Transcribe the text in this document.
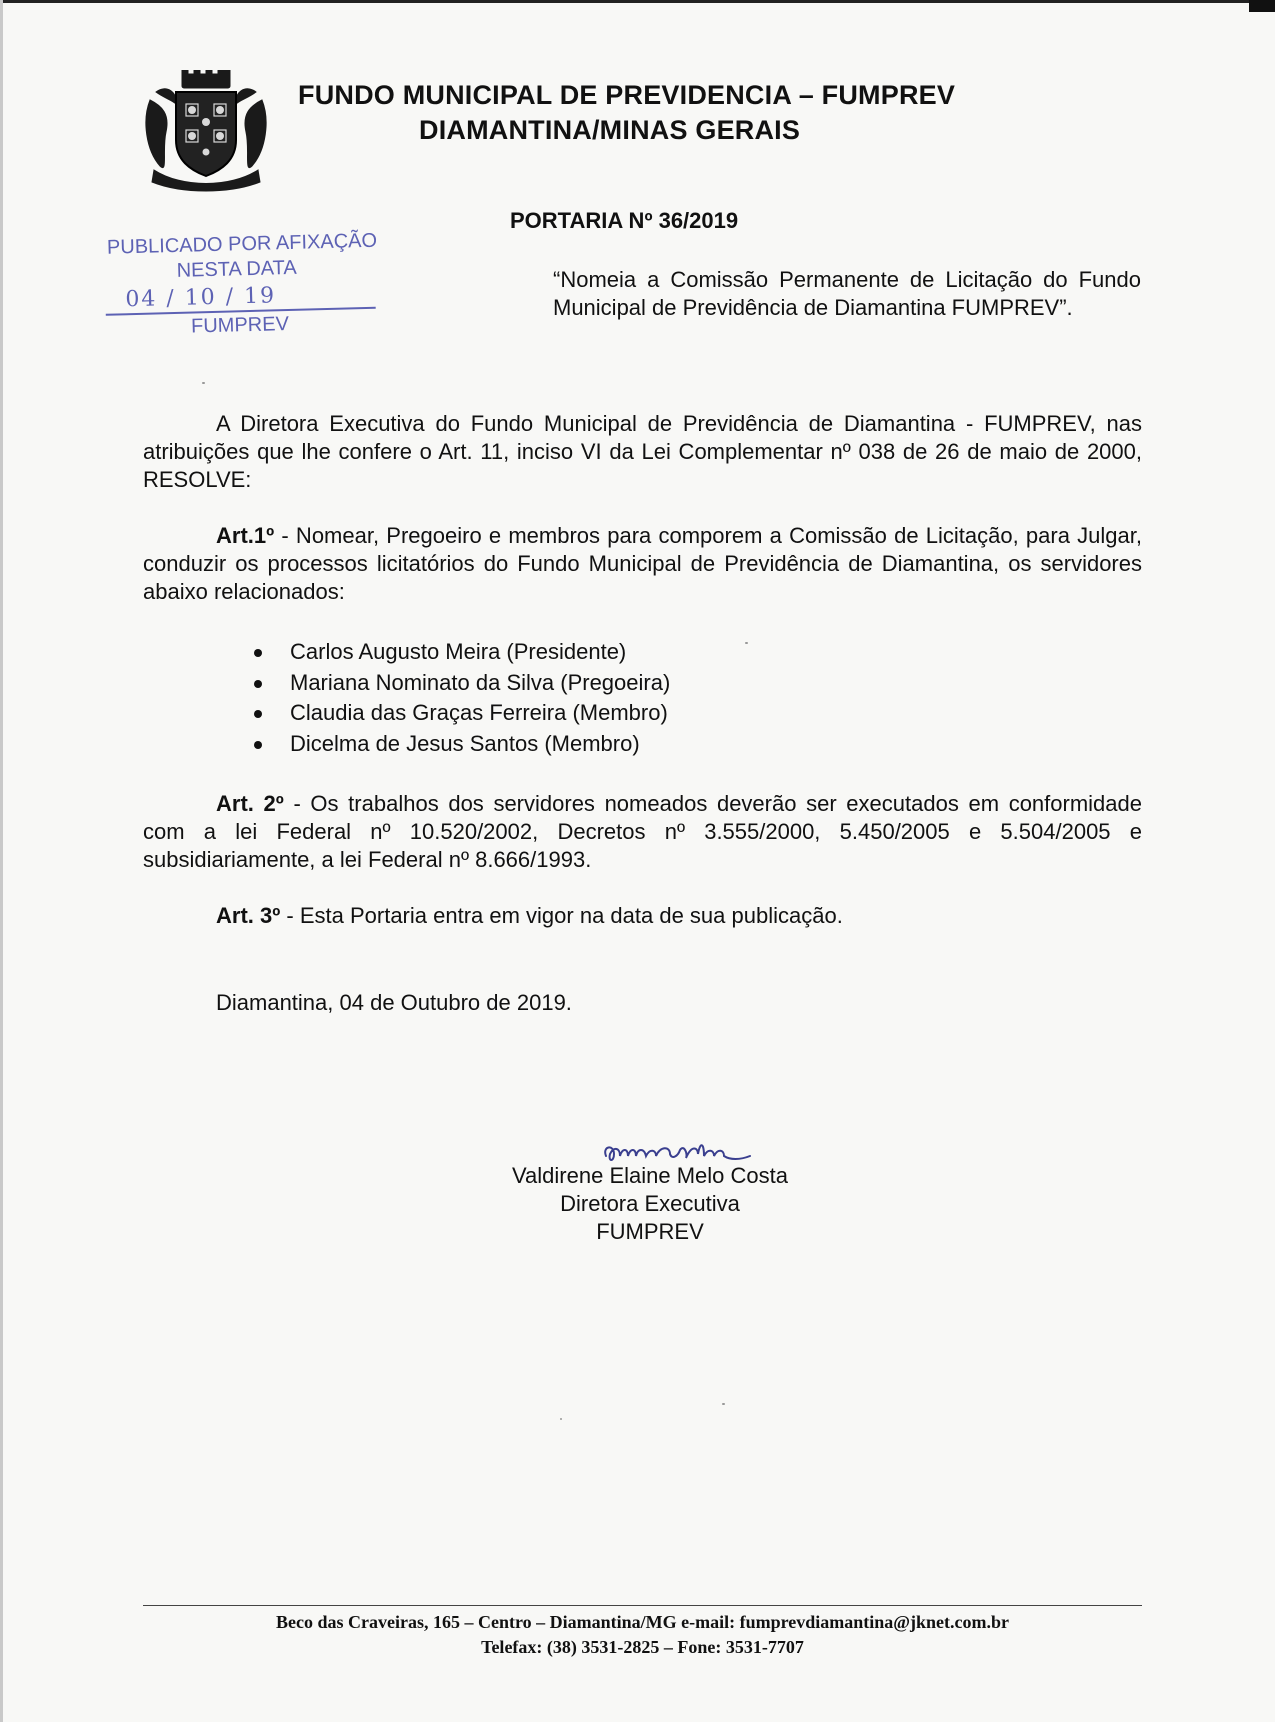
FUNDO MUNICIPAL DE PREVIDENCIA – FUMPREV
DIAMANTINA/MINAS GERAIS
PUBLICADO POR AFIXAÇÃO
NESTA DATA
04 / 10 / 19
FUMPREV
PORTARIA Nº 36/2019
“Nomeia a Comissão Permanente de Licitação do Fundo Municipal de Previdência de Diamantina FUMPREV”.
A Diretora Executiva do Fundo Municipal de Previdência de Diamantina - FUMPREV, nas atribuições que lhe confere o Art. 11, inciso VI da Lei Complementar nº 038 de 26 de maio de 2000, RESOLVE:
Art.1º - Nomear, Pregoeiro e membros para comporem a Comissão de Licitação, para Julgar, conduzir os processos licitatórios do Fundo Municipal de Previdência de Diamantina, os servidores abaixo relacionados:
Carlos Augusto Meira (Presidente)
Mariana Nominato da Silva (Pregoeira)
Claudia das Graças Ferreira (Membro)
Dicelma de Jesus Santos (Membro)
Art. 2º - Os trabalhos dos servidores nomeados deverão ser executados em conformidade com a lei Federal nº 10.520/2002, Decretos nº 3.555/2000, 5.450/2005 e 5.504/2005 e subsidiariamente, a lei Federal nº 8.666/1993.
Art. 3º - Esta Portaria entra em vigor na data de sua publicação.
Diamantina, 04 de Outubro de 2019.
Valdirene Elaine Melo Costa
Diretora Executiva
FUMPREV
Beco das Craveiras, 165 – Centro – Diamantina/MG e-mail: fumprevdiamantina@jknet.com.br
Telefax: (38) 3531-2825 – Fone: 3531-7707
